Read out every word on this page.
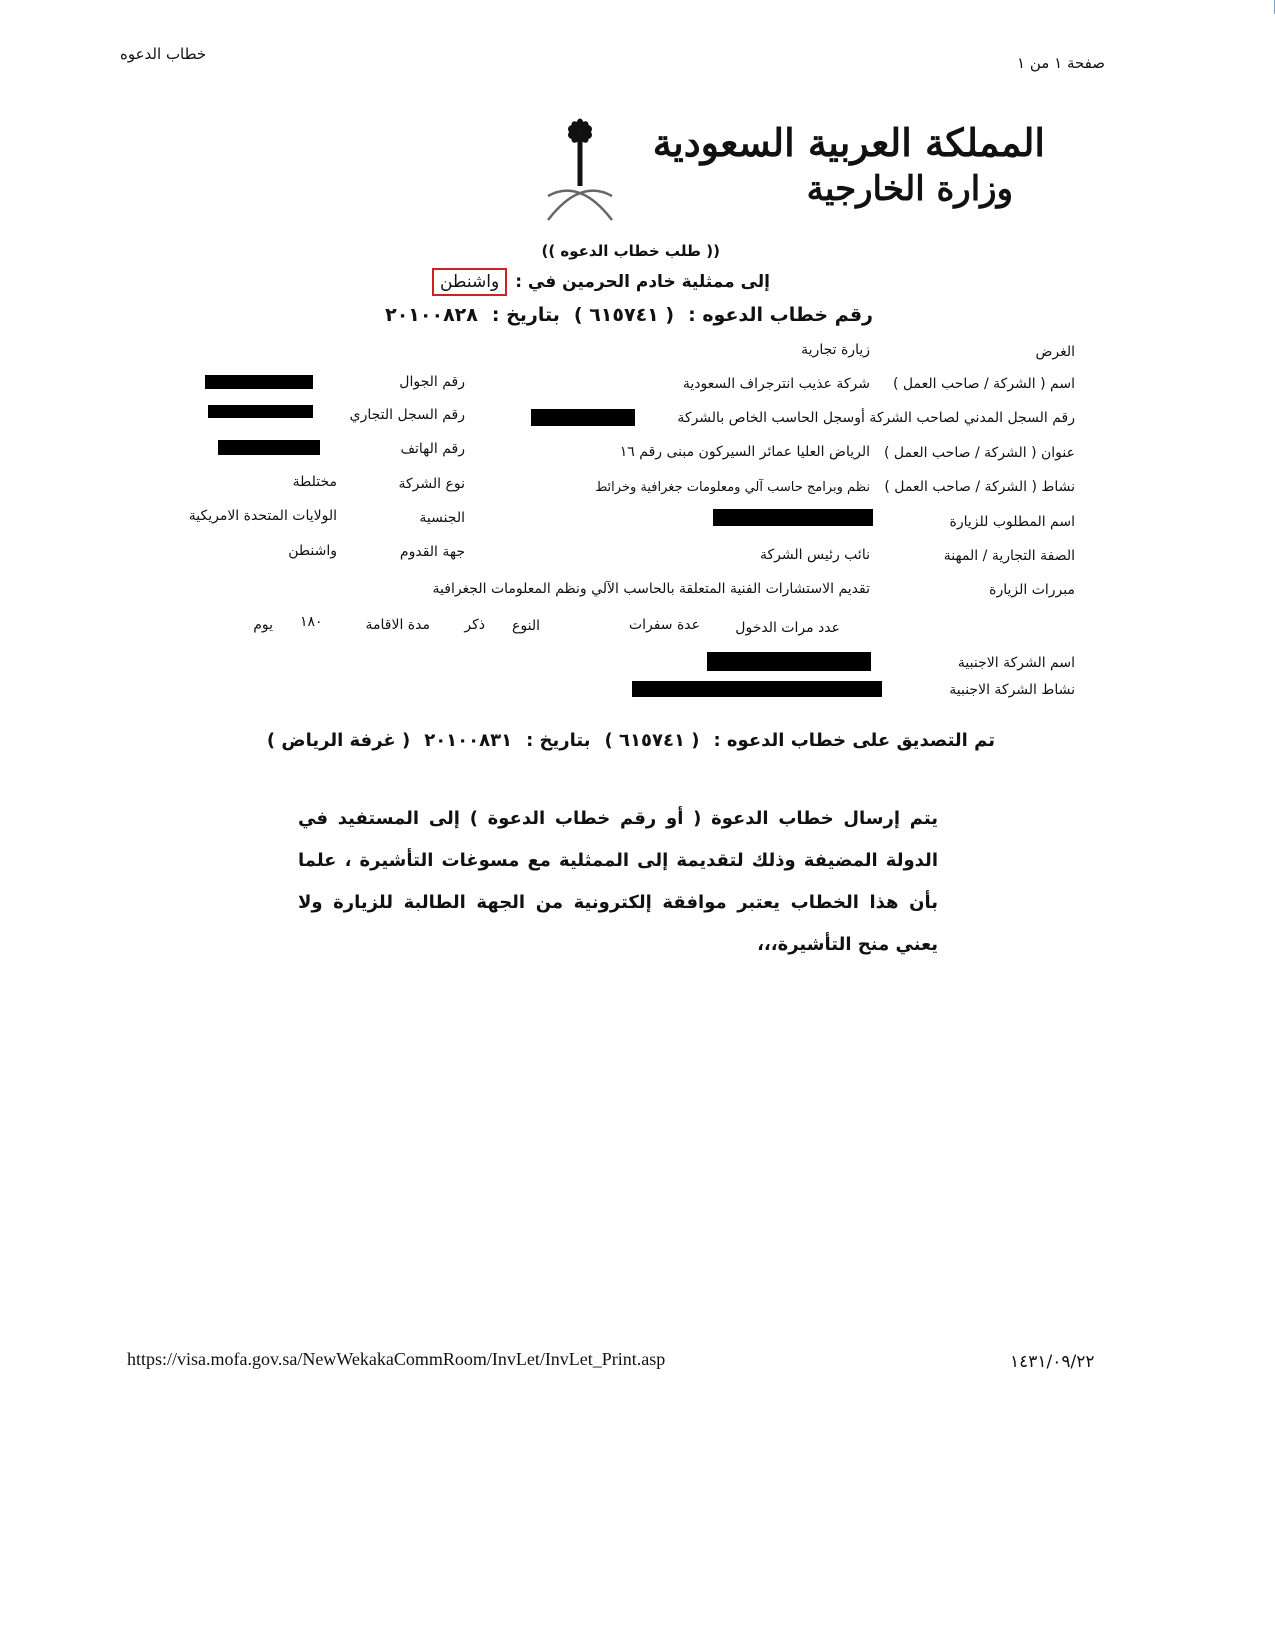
خطاب الدعوه	صفحة ١ من ١
المملكة العربية السعودية
وزارة الخارجية
(( طلب خطاب الدعوه ))
إلى ممثلية خادم الحرمين في :
واشنطن
رقم خطاب الدعوه :
( ٦١٥٧٤١ )
بتاريخ :
٢٠١٠٠٨٢٨
الغرض
اسم ( الشركة / صاحب العمل )
رقم السجل المدني لصاحب الشركة أوسجل الحاسب الخاص بالشركة
عنوان ( الشركة / صاحب العمل )
نشاط ( الشركة / صاحب العمل )
اسم المطلوب للزيارة
الصفة التجارية / المهنة
مبررات الزيارة
اسم الشركة الاجنبية
نشاط الشركة الاجنبية
زيارة تجارية
شركة عذيب انترجراف السعودية
الرياض العليا عمائر السيركون مبنى رقم ١٦
نظم وبرامج حاسب آلي ومعلومات جغرافية وخرائط
نائب رئيس الشركة
تقديم الاستشارات الفنية المتعلقة بالحاسب الآلي ونظم المعلومات الجغرافية
عدد مرات الدخول
عدة سفرات
النوع
ذكر
مدة الاقامة
١٨٠
يوم
رقم الجوال
رقم السجل التجاري
رقم الهاتف
نوع الشركة
الجنسية
جهة القدوم
مختلطة
الولايات المتحدة الامريكية
واشنطن
تم التصديق على خطاب الدعوه :
( ٦١٥٧٤١ )
بتاريخ :
٢٠١٠٠٨٣١
( غرفة الرياض )
يتم إرسال خطاب الدعوة ( أو رقم خطاب الدعوة ) إلى المستفيد في الدولة المضيفة وذلك لتقديمة إلى الممثلية مع مسوغات التأشيرة ، علما بأن هذا الخطاب يعتبر موافقة إلكترونية من الجهة الطالبة للزيارة ولا يعني منح التأشيرة،،،
https://visa.mofa.gov.sa/NewWekakaCommRoom/InvLet/InvLet_Print.asp	١٤٣١/٠٩/٢٢
